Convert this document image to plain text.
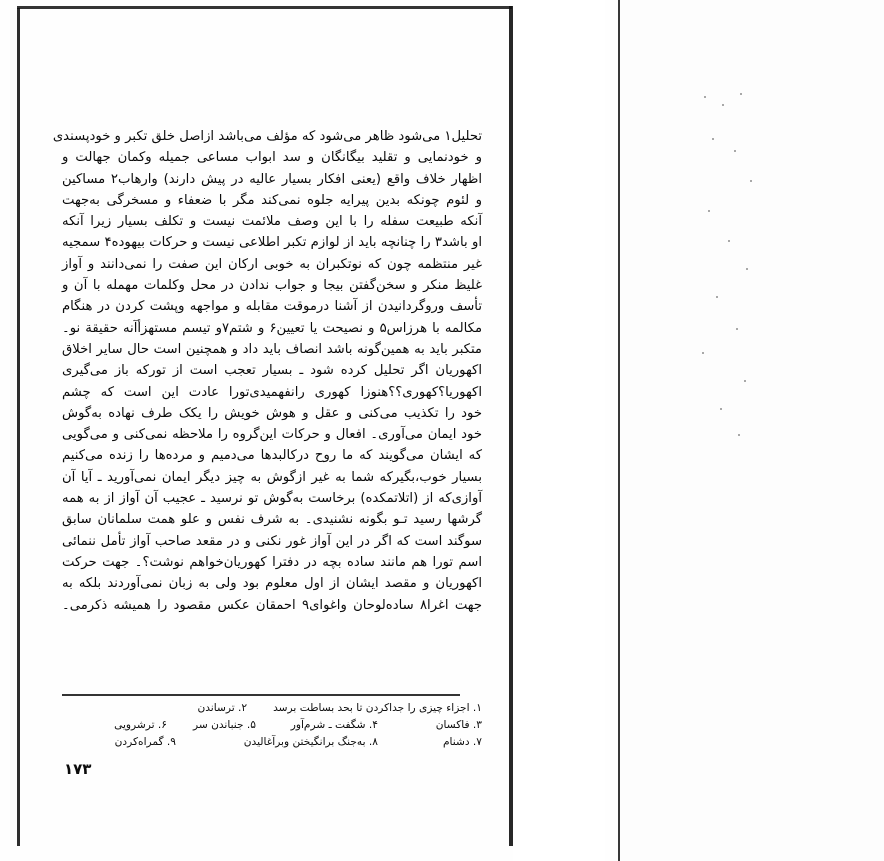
تحلیل۱ می‌شود ظاهر می‌شود که مؤلف می‌باشد ازاصل خلق تکبر و خودپسندی
و خودنمایی و تقلید بیگانگان و سد ابواب مساعی جمیله وکمان جهالت و
اظهار خلاف واقع (یعنی افکار بسیار عالیه در پیش دارند) وارهاب۲ مساکین
و لئوم چونکه بدین پیرایه جلوه نمی‌کند مگر با ضعفاء و مسخرگی به‌جهت
آنکه طبیعت سفله را با این وصف ملائمت نیست و تکلف بسیار زیرا آنکه
او باشد۳ را چنانچه باید از لوازم تکبر اطلاعی نیست و حرکات بیهوده۴ سمجیه
غیر منتظمه چون که نوتکبران به خوبی ارکان این صفت را نمی‌دانند و آواز
غلیظ منکر و سخن‌گفتن بیجا و جواب ندادن در محل وکلمات مهمله با آن و
تأسف وروگردانیدن از آشنا درموقت مقابله و مواجهه وپشت کردن در هنگام
مکالمه با هرزاس۵ و نصیحت یا تعیین۶ و شتم۷و تیسم مستهزأآنه حقیقة نو۔
متکبر باید به همین‌گونه باشد انصاف باید داد و همچنین است حال سایر اخلاق
اکهوریان اگر تحلیل کرده شود ـ بسیار تعجب است از تورکه باز می‌گیری
اکهوریا؟کهوری؟؟هنوزا کهوری رانفهمیدی‌تورا عادت این است که چشم
خود را تکذیب می‌کنی و عقل و هوش خویش را یکک طرف نهاده به‌گوش
خود ایمان می‌آوری۔ افعال و حرکات این‌گروه را ملاحظه نمی‌کنی و می‌گویی
که ایشان می‌گویند که ما روح درکالبدها می‌دمیم و مرده‌ها را زنده می‌کنیم
بسیار خوب،بگیرکه شما به غیر ازگوش به چیز دیگر ایمان نمی‌آورید ـ آیا آن
آوازی‌که از (اتلاتمکده) برخاست به‌گوش تو نرسید ـ عجیب آن آواز از به همه
گرشها رسید تـو بگونه نشنیدی۔ به شرف نفس و علو همت سلمانان سابق
سوگند است که اگر در این آواز غور نکنی و در مقعد صاحب آواز تأمل ننمائی
اسم تورا هم مانند ساده بچه در دفترا کهوریان‌خواهم نوشت؟۔ جهت حرکت
اکهوریان و مقصد ایشان از اول معلوم بود ولی به زبان نمی‌آوردند بلکه به
جهت اغرا۸ ساده‌لوحان واغوای۹ احمقان عکس مقصود را همیشه ذکرمی۔
۱. اجزاء چیزی را جداکردن تا بحد بساطت برسد
۲. ترساندن
۳. فاکسان
۴. شگفت ـ شرم‌آور
۵. جنباندن سر
۶. ترشرویی
۷. دشنام
۸. به‌جنگ برانگیختن وبرآغالیدن
۹. گمراه‌کردن
۱۷۳
